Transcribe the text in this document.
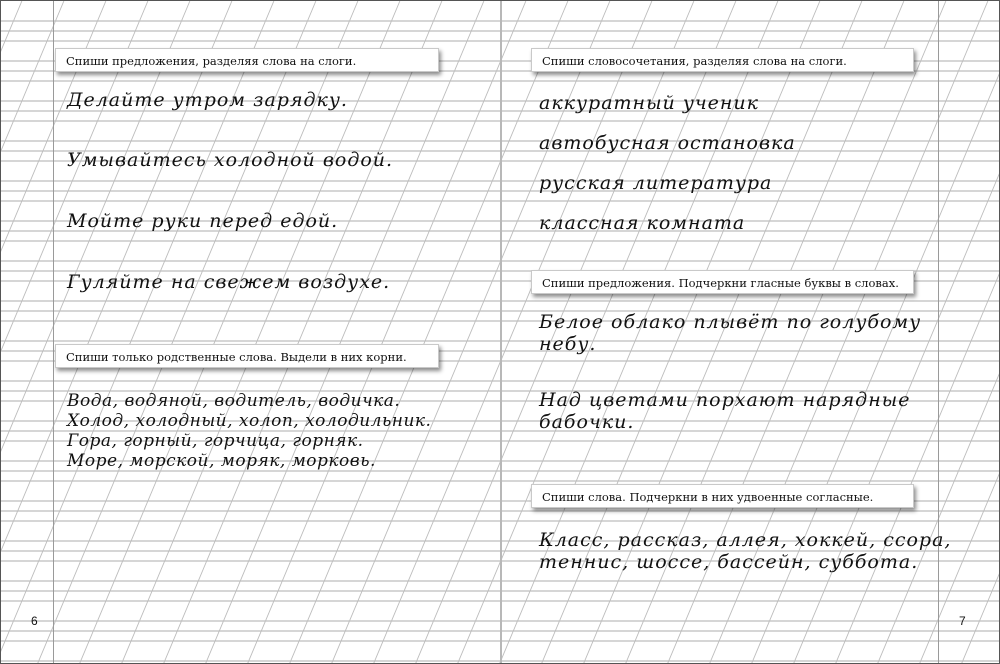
Спиши предложения, разделяя слова на слоги.
Делайте утром зарядку.
Умывайтесь холодной водой.
Мойте руки перед едой.
Гуляйте на свежем воздухе.
Спиши только родственные слова. Выдели в них корни.
Вода, водяной, водитель, водичка.
Холод, холодный, холоп, холодильник.
Гора, горный, горчица, горняк.
Море, морской, моряк, морковь.
6
Спиши словосочетания, разделяя слова на слоги.
аккуратный ученик
автобусная остановка
русская литература
классная комната
Спиши предложения. Подчеркни гласные буквы в словах.
Белое облако плывёт по голубому
небу.
Над цветами порхают нарядные
бабочки.
Спиши слова. Подчеркни в них удвоенные согласные.
Класс, рассказ, аллея, хоккей, ссора,
теннис, шоссе, бассейн, суббота.
7
